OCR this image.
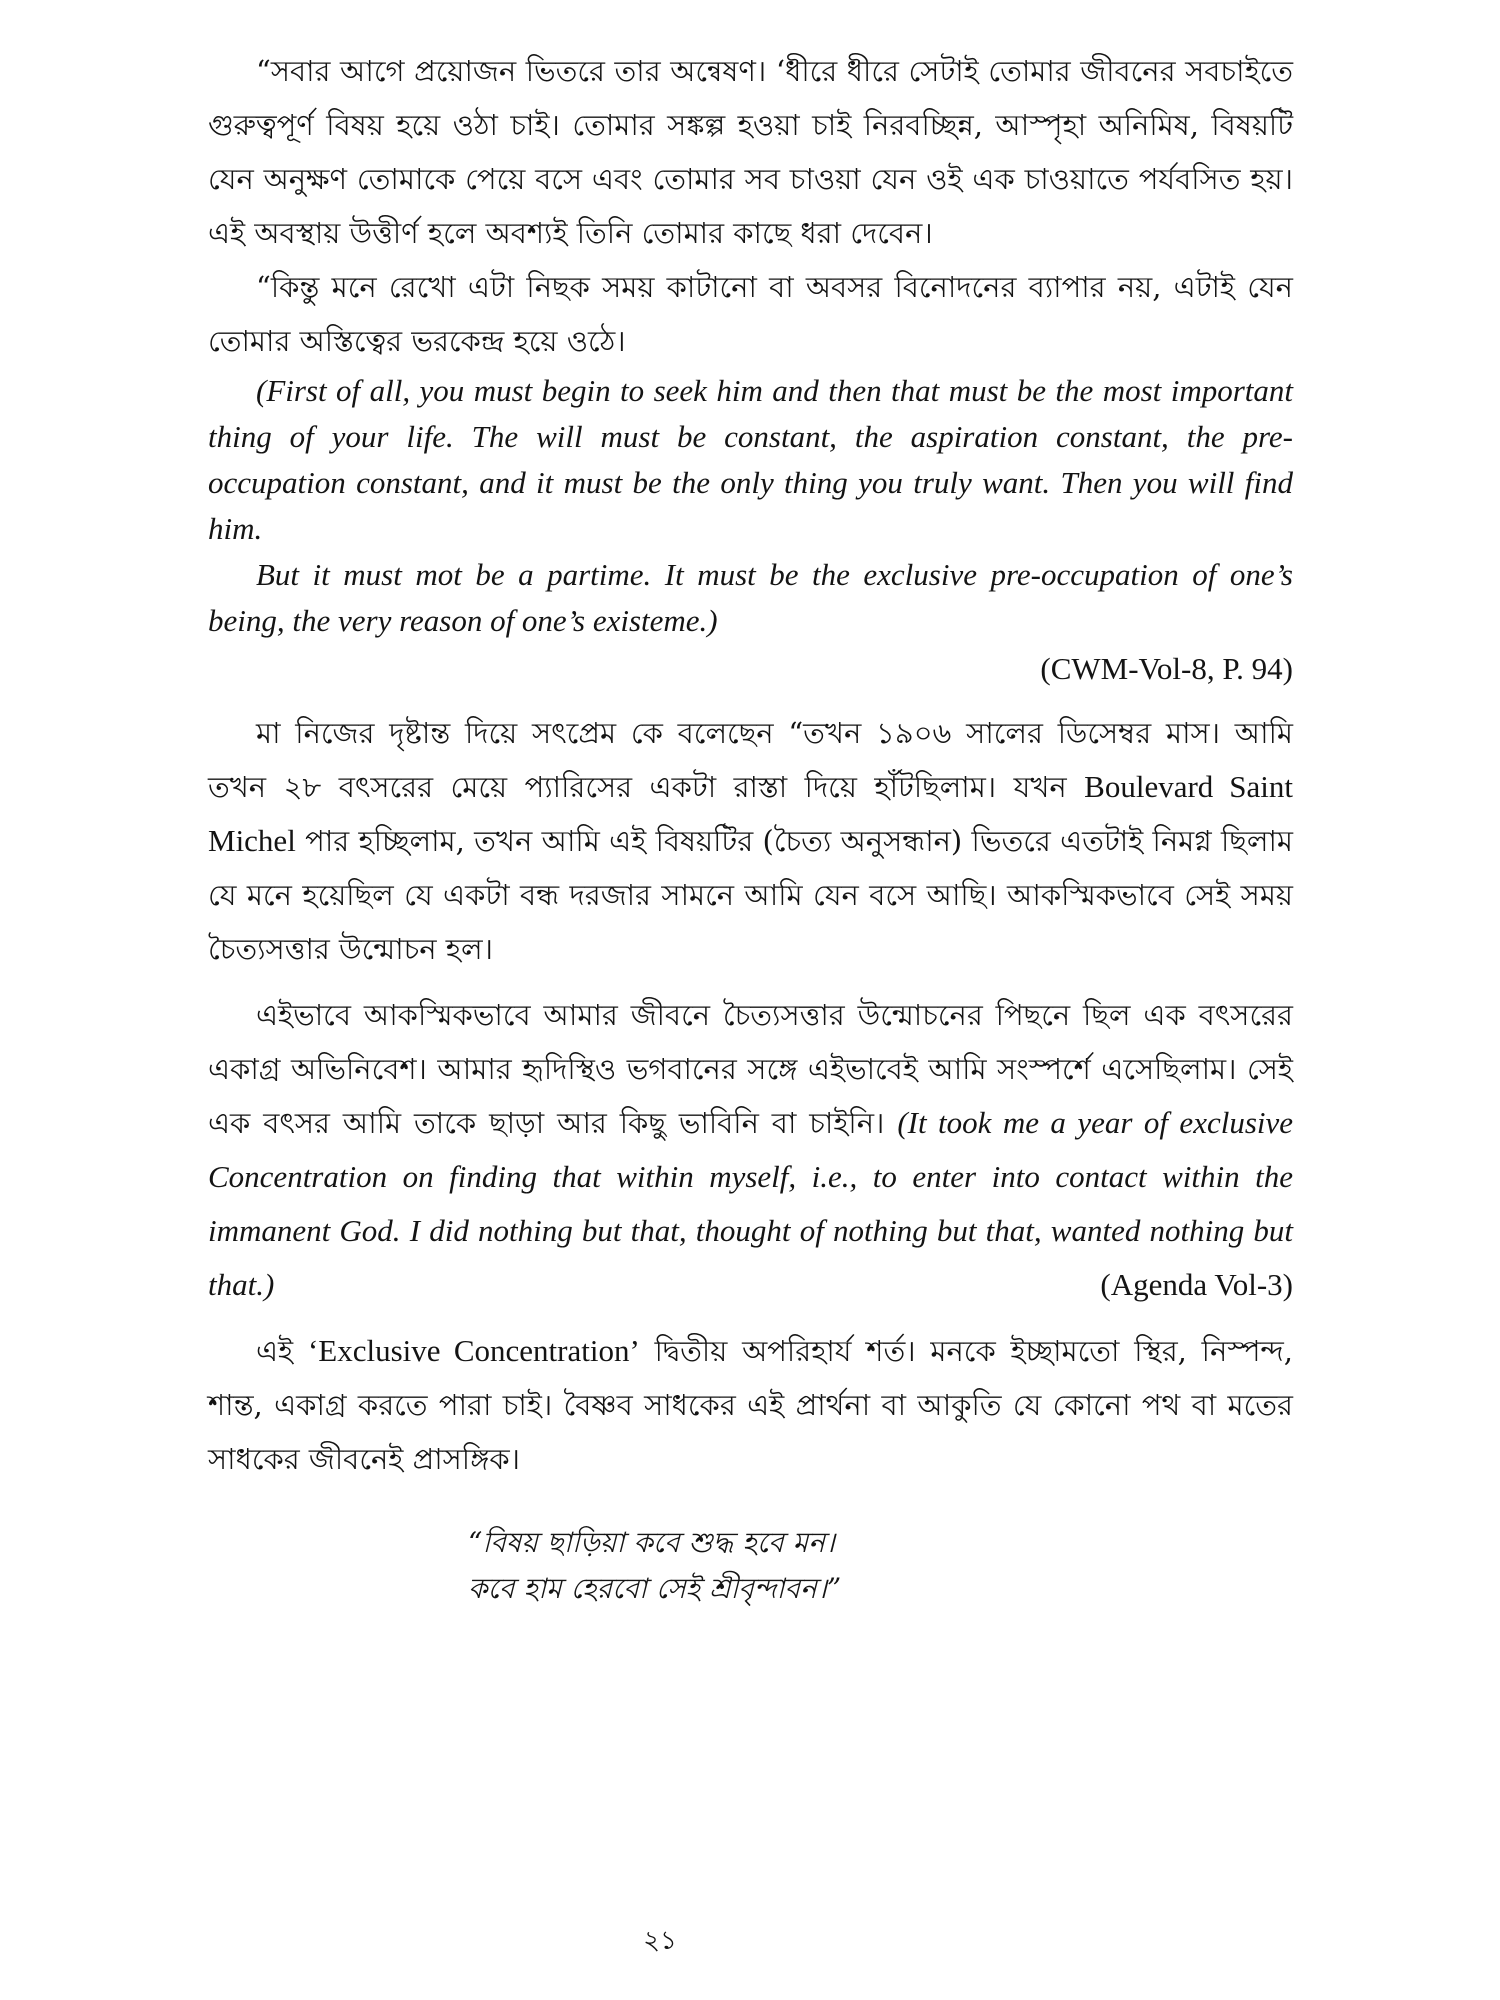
“সবার আগে প্রয়োজন ভিতরে তার অন্বেষণ। ‘ধীরে ধীরে সেটাই তোমার জীবনের সবচাইতে গুরুত্বপূর্ণ বিষয় হয়ে ওঠা চাই। তোমার সঙ্কল্প হওয়া চাই নিরবচ্ছিন্ন, আস্পৃহা অনিমিষ, বিষয়টি যেন অনুক্ষণ তোমাকে পেয়ে বসে এবং তোমার সব চাওয়া যেন ওই এক চাওয়াতে পর্যবসিত হয়। এই অবস্থায় উত্তীর্ণ হলে অবশ্যই তিনি তোমার কাছে ধরা দেবেন।

“কিন্তু মনে রেখো এটা নিছক সময় কাটানো বা অবসর বিনোদনের ব্যাপার নয়, এটাই যেন তোমার অস্তিত্বের ভরকেন্দ্র হয়ে ওঠে।

(First of all, you must begin to seek him and then that must be the most important thing of your life. The will must be constant, the aspiration constant, the pre-occupation constant, and it must be the only thing you truly want. Then you will find him.

But it must mot be a partime. It must be the exclusive pre-occupation of one’s being, the very reason of one’s existeme.)

(CWM-Vol-8, P. 94)

মা নিজের দৃষ্টান্ত দিয়ে সৎপ্রেম কে বলেছেন “তখন ১৯০৬ সালের ডিসেম্বর মাস। আমি তখন ২৮ বৎসরের মেয়ে প্যারিসের একটা রাস্তা দিয়ে হাঁটছিলাম। যখন Boulevard Saint Michel পার হচ্ছিলাম, তখন আমি এই বিষয়টির (চৈত্য অনুসন্ধান) ভিতরে এতটাই নিমগ্ন ছিলাম যে মনে হয়েছিল যে একটা বন্ধ দরজার সামনে আমি যেন বসে আছি। আকস্মিকভাবে সেই সময় চৈত্যসত্তার উন্মোচন হল।

এইভাবে আকস্মিকভাবে আমার জীবনে চৈত্যসত্তার উন্মোচনের পিছনে ছিল এক বৎসরের একাগ্র অভিনিবেশ। আমার হৃদিস্থিও ভগবানের সঙ্গে এইভাবেই আমি সংস্পর্শে এসেছিলাম। সেই এক বৎসর আমি তাকে ছাড়া আর কিছু ভাবিনি বা চাইনি। (It took me a year of exclusive Concentration on finding that within myself, i.e., to enter into contact within the immanent God. I did nothing but that, thought of nothing but that, wanted nothing but that.)	(Agenda Vol-3)

এই ‘Exclusive Concentration’ দ্বিতীয় অপরিহার্য শর্ত। মনকে ইচ্ছামতো স্থির, নিস্পন্দ, শান্ত, একাগ্র করতে পারা চাই। বৈষ্ণব সাধকের এই প্রার্থনা বা আকুতি যে কোনো পথ বা মতের সাধকের জীবনেই প্রাসঙ্গিক।

“বিষয় ছাড়িয়া কবে শুদ্ধ হবে মন।
কবে হাম হেরবো সেই শ্রীবৃন্দাবন।”
২১
